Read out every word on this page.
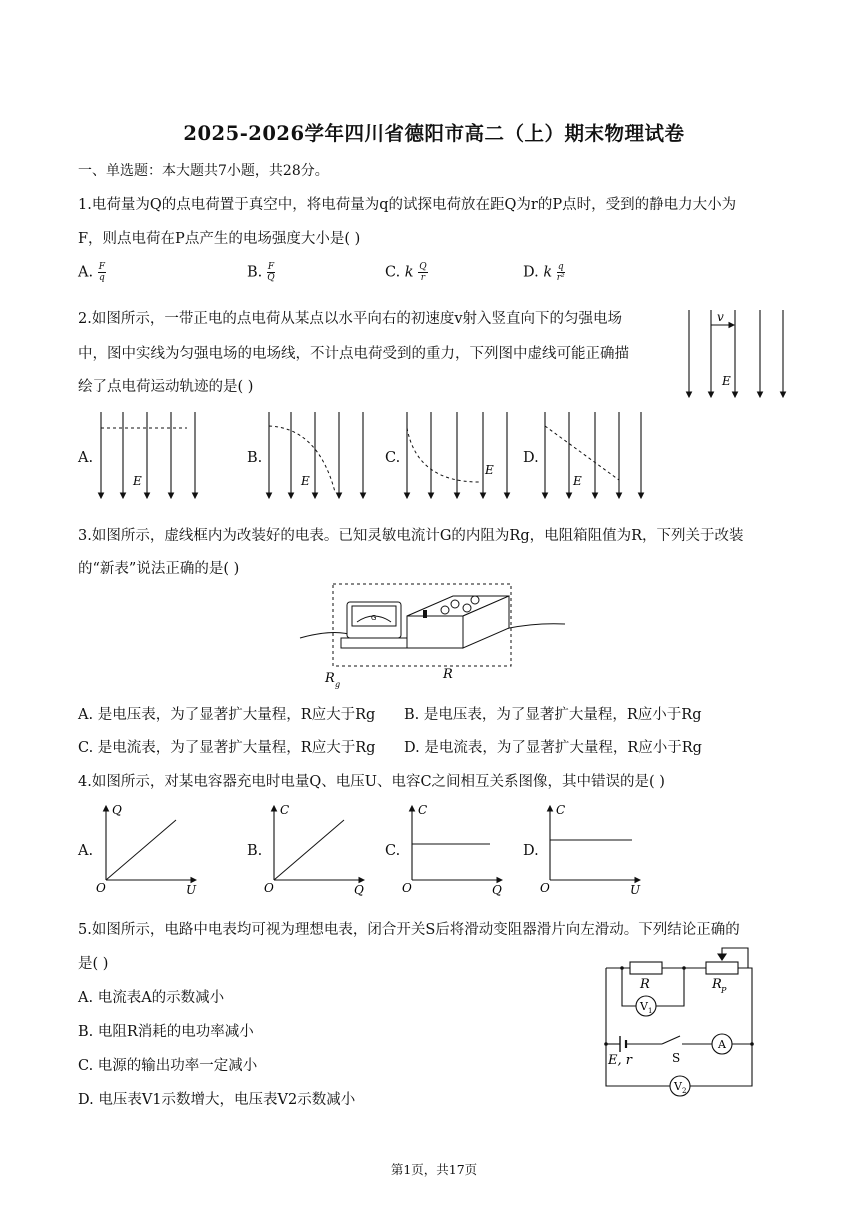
2025-2026学年四川省德阳市高二（上）期末物理试卷
一、单选题：本大题共7小题，共28分。
1.电荷量为Q的点电荷置于真空中，将电荷量为q的试探电荷放在距Q为r的P点时，受到的静电力大小为
F，则点电荷在P点产生的电场强度大小是( )
A. $\frac{F}{q}$	B. $\frac{F}{Q}$	C. k $\frac{Q}{r}$	D. k $\frac{q}{\text{r²}}$
2.如图所示，一带正电的点电荷从某点以水平向右的初速度v射入竖直向下的匀强电场
中，图中实线为匀强电场的电场线，不计点电荷受到的重力，下列图中虚线可能正确描
绘了点电荷运动轨迹的是( )
v
E
A.	B.	C.	D.
E	E
E
E
3.如图所示，虚线框内为改装好的电表。已知灵敏电流计G的内阻为Rg，电阻箱阻值为R，下列关于改装
的“新表”说法正确的是( )
G
R g
R
A. 是电压表，为了显著扩大量程，R应大于Rg B. 是电压表，为了显著扩大量程，R应小于Rg
C. 是电流表，为了显著扩大量程，R应大于Rg D. 是电流表，为了显著扩大量程，R应小于Rg
4.如图所示，对某电容器充电时电量Q、电压U、电容C之间相互关系图像，其中错误的是( )
A.	B.	C.	D.
Q
U
O
C
Q
O
C
Q
O
C
U
O
5.如图所示，电路中电表均可视为理想电表，闭合开关S后将滑动变阻器滑片向左滑动。下列结论正确的
是( )
A. 电流表A的示数减小
B. 电阻R消耗的电功率减小
C. 电源的输出功率一定减小
D. 电压表V1示数增大，电压表V2示数减小
R	R P
V 1
V 2
A
E, r	S
第1页，共17页
